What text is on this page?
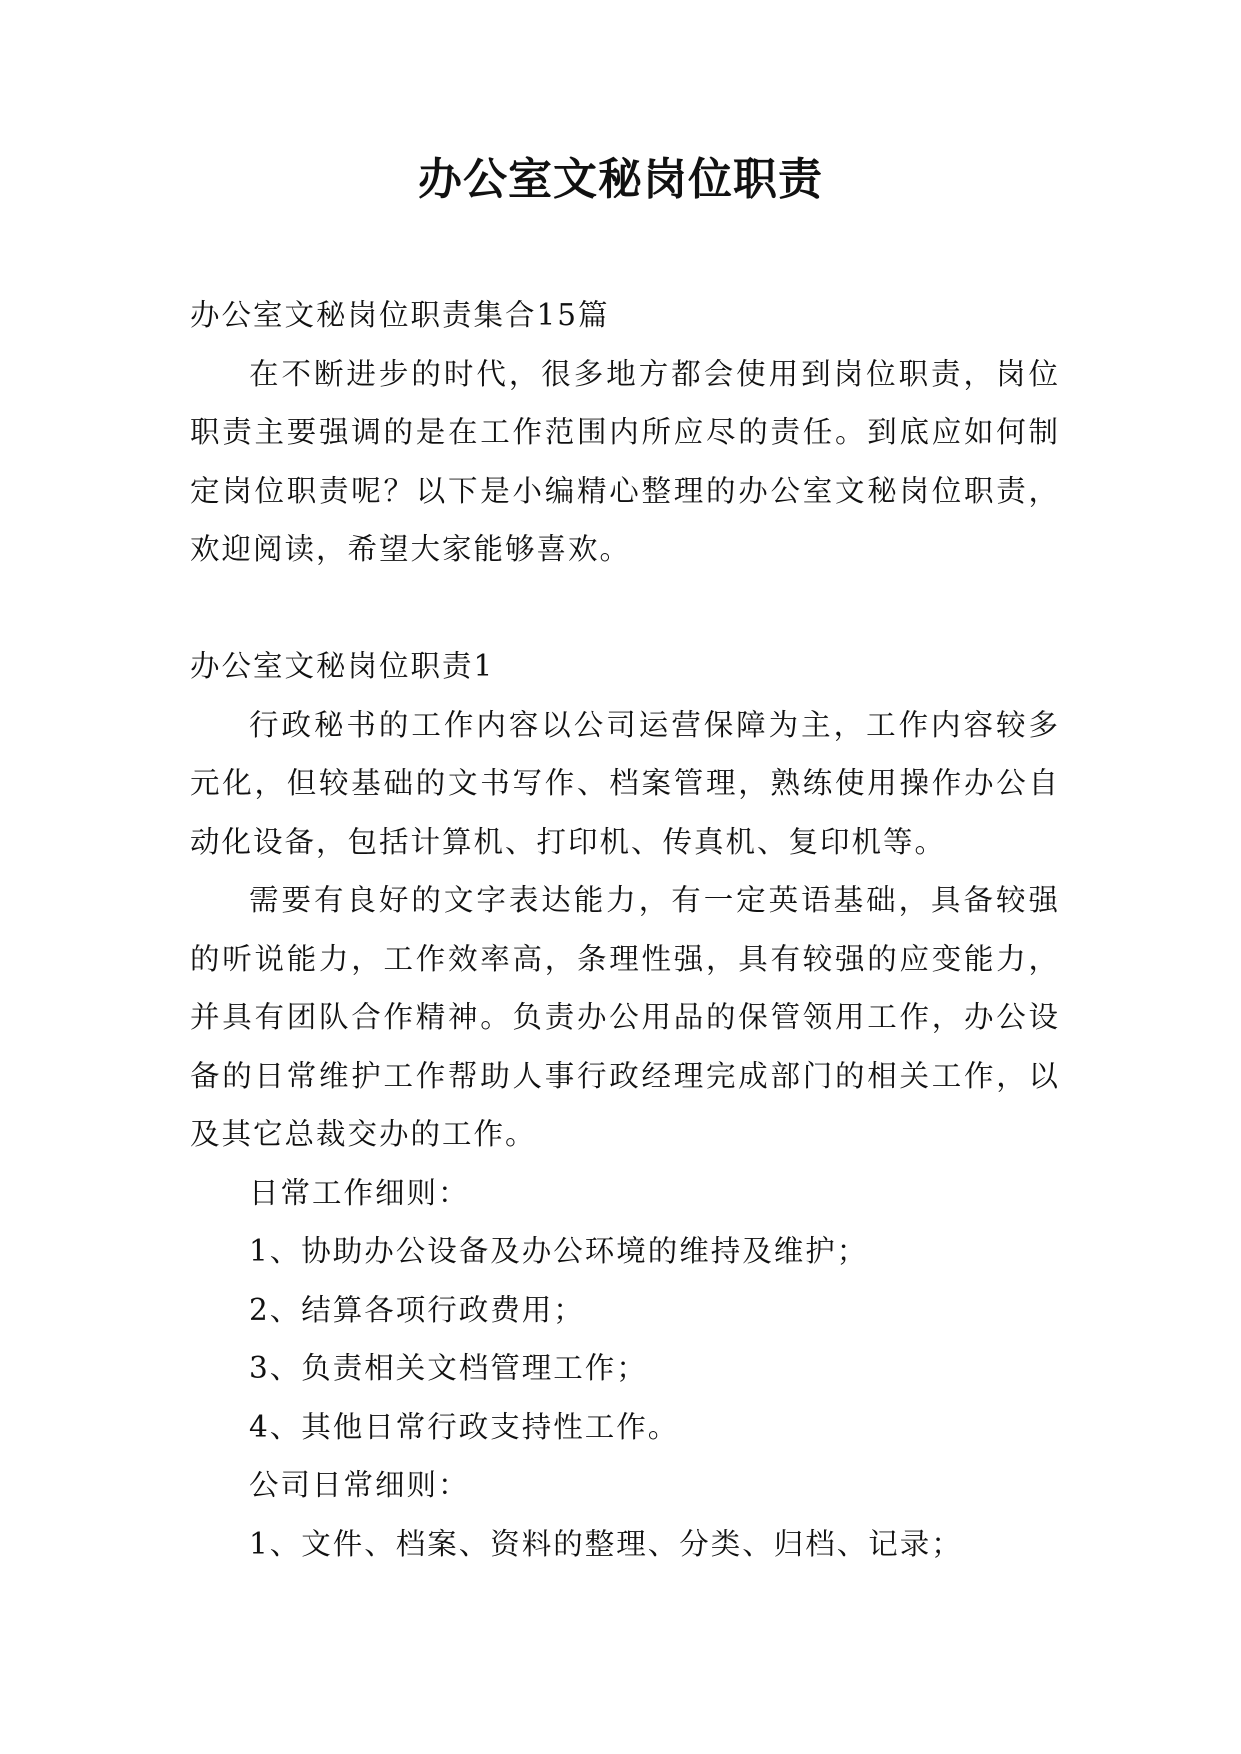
办公室文秘岗位职责

办公室文秘岗位职责集合15篇

在不断进步的时代，很多地方都会使用到岗位职责，岗位职责主要强调的是在工作范围内所应尽的责任。到底应如何制定岗位职责呢？以下是小编精心整理的办公室文秘岗位职责，欢迎阅读，希望大家能够喜欢。

办公室文秘岗位职责1

行政秘书的工作内容以公司运营保障为主，工作内容较多元化，但较基础的文书写作、档案管理，熟练使用操作办公自动化设备，包括计算机、打印机、传真机、复印机等。

需要有良好的文字表达能力，有一定英语基础，具备较强的听说能力，工作效率高，条理性强，具有较强的应变能力，并具有团队合作精神。负责办公用品的保管领用工作，办公设备的日常维护工作帮助人事行政经理完成部门的相关工作，以及其它总裁交办的工作。

日常工作细则：

1、协助办公设备及办公环境的维持及维护；

2、结算各项行政费用；

3、负责相关文档管理工作；

4、其他日常行政支持性工作。

公司日常细则：

1、文件、档案、资料的整理、分类、归档、记录；
